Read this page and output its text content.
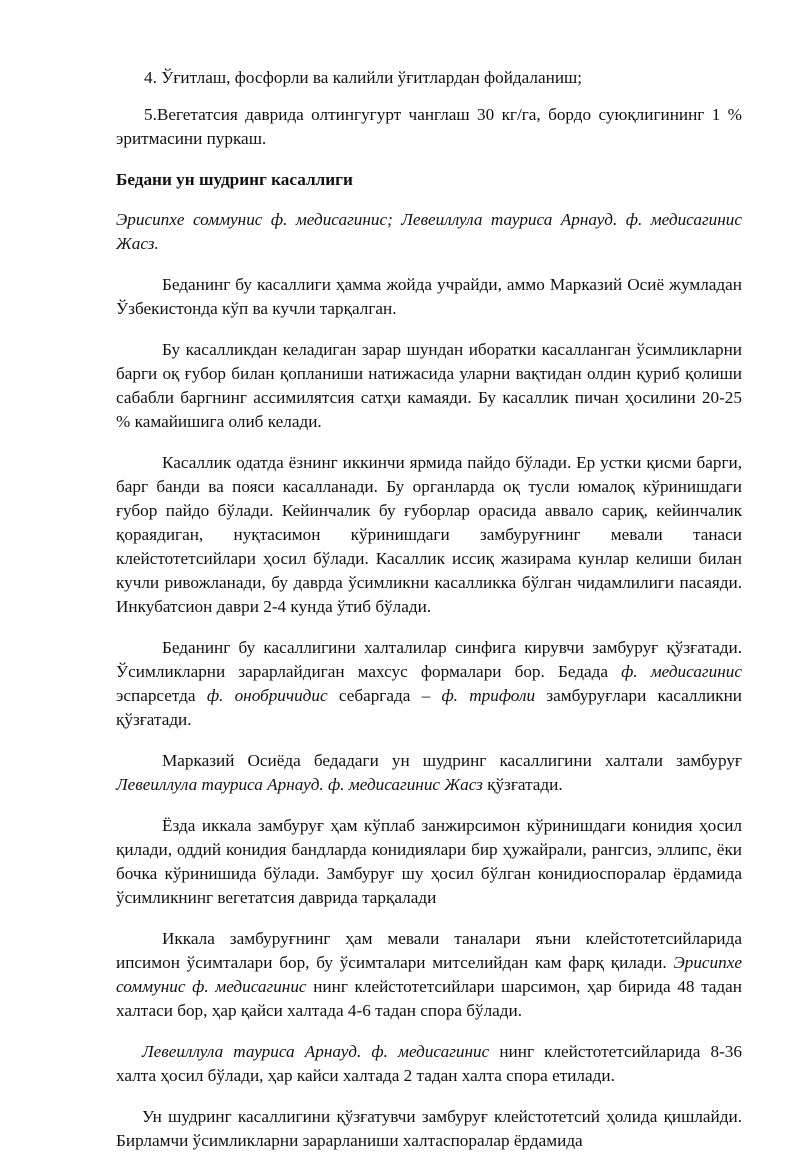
4. Ўғитлаш, фосфорли ва калийли ўғитлардан фойдаланиш;

5.Вегетатсия даврида олтингугурт чанглаш 30 кг/га, бордо суюқлигининг 1 % эритмасини пуркаш.

Бедани ун шудринг касаллиги

Эрисипхе соммунис ф. медисагинис; Левеиллула тауриса Арнауд. ф. медисагинис Жасз.

Беданинг бу касаллиги ҳамма жойда учрайди, аммо Марказий Осиё жумладан Ўзбекистонда кўп ва кучли тарқалган.

Бу касалликдан келадиган зарар шундан иборатки касалланган ўсимликларни барги оқ ғубор билан қопланиши натижасида уларни вақтидан олдин қуриб қолиши сабабли баргнинг ассимилятсия сатҳи камаяди. Бу касаллик пичан ҳосилини 20-25 % камайишига олиб келади.

Касаллик одатда ёзнинг иккинчи ярмида пайдо бўлади. Ер устки қисми барги, барг банди ва пояси касалланади. Бу органларда оқ тусли юмалоқ кўринишдаги ғубор пайдо бўлади. Кейинчалик бу ғуборлар орасида аввало сариқ, кейинчалик қораядиган, нуқтасимон кўринишдаги замбуруғнинг мевали танаси клейстотетсийлари ҳосил бўлади. Касаллик иссиқ жазирама кунлар келиши билан кучли ривожланади, бу даврда ўсимликни касалликка бўлган чидамлилиги пасаяди. Инкубатсион даври 2-4 кунда ўтиб бўлади.

Беданинг бу касаллигини халталилар синфига кирувчи замбуруғ қўзғатади. Ўсимликларни зарарлайдиган махсус формалари бор. Бедада ф. медисагинис эспарсетда ф. онобричидис себаргада – ф. трифоли замбуруғлари касалликни қўзғатади.

Марказий Осиёда бедадаги ун шудринг касаллигини халтали замбуруғ Левеиллула тауриса Арнауд. ф. медисагинис Жасз қўзғатади.

Ёзда иккала замбуруғ ҳам кўплаб занжирсимон кўринишдаги конидия ҳосил қилади, оддий конидия бандларда конидиялари бир ҳужайрали, рангсиз, эллипс, ёки бочка кўринишида бўлади. Замбуруғ шу ҳосил бўлган конидиоспоралар ёрдамида ўсимликнинг вегетатсия даврида тарқалади

Иккала замбуруғнинг ҳам мевали таналари яъни клейстотетсийларида ипсимон ўсимталари бор, бу ўсимталари митселийдан кам фарқ қилади. Эрисипхе соммунис ф. медисагинис нинг клейстотетсийлари шарсимон, ҳар бирида 48 тадан халтаси бор, ҳар қайси халтада 4-6 тадан спора бўлади.

Левеиллула тауриса Арнауд. ф. медисагинис нинг клейстотетсийларида 8-36 халта ҳосил бўлади, ҳар кайси халтада 2 тадан халта спора етилади.

Ун шудринг касаллигини қўзғатувчи замбуруғ клейстотетсий ҳолида қишлайди. Бирламчи ўсимликларни зарарланиши халтаспоралар ёрдамида
